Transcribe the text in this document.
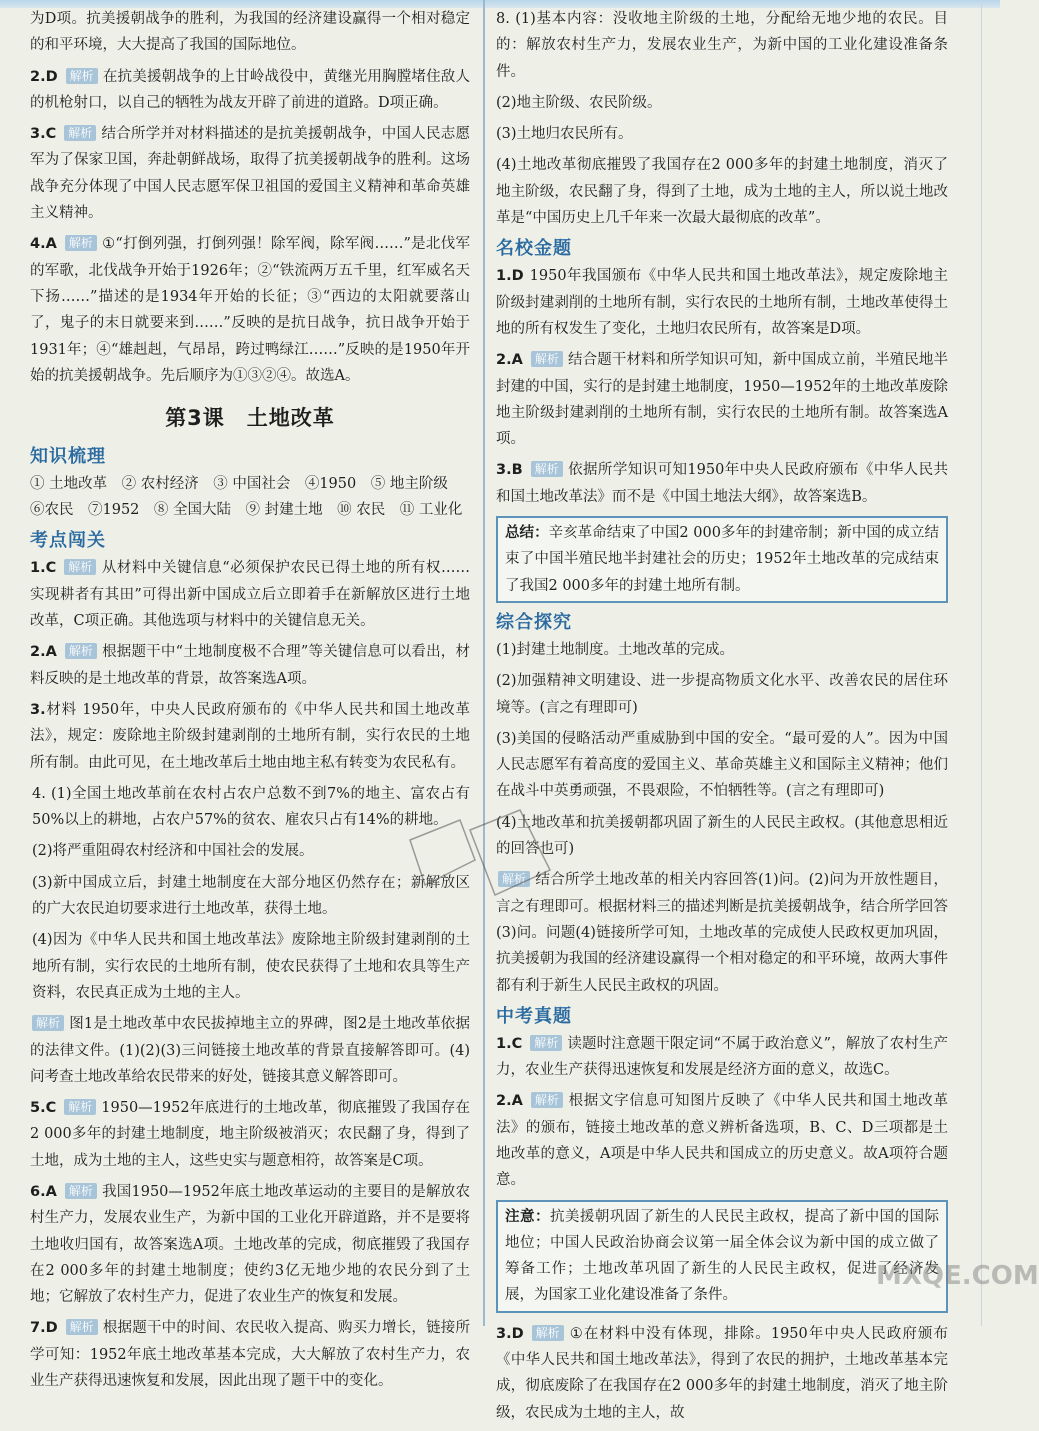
为D项。抗美援朝战争的胜利，为我国的经济建设赢得一个相对稳定的和平环境，大大提高了我国的国际地位。

2.D 解析 在抗美援朝战争的上甘岭战役中，黄继光用胸膛堵住敌人的机枪射口，以自己的牺牲为战友开辟了前进的道路。D项正确。

3.C 解析 结合所学并对材料描述的是抗美援朝战争，中国人民志愿军为了保家卫国，奔赴朝鲜战场，取得了抗美援朝战争的胜利。这场战争充分体现了中国人民志愿军保卫祖国的爱国主义精神和革命英雄主义精神。

4.A 解析 ①“打倒列强，打倒列强！除军阀，除军阀……”是北伐军的军歌，北伐战争开始于1926年；②“铁流两万五千里，红军威名天下扬……”描述的是1934年开始的长征；③“西边的太阳就要落山了，鬼子的末日就要来到……”反映的是抗日战争，抗日战争开始于1931年；④“雄赳赳，气昂昂，跨过鸭绿江……”反映的是1950年开始的抗美援朝战争。先后顺序为①③②④。故选A。

第3课　土地改革
知识梳理
① 土地改革　② 农村经济　③ 中国社会　④1950　⑤ 地主阶级
⑥农民　⑦1952　⑧ 全国大陆　⑨ 封建土地　⑩ 农民　⑪ 工业化
考点闯关

1.C 解析 从材料中关键信息“必须保护农民已得土地的所有权……实现耕者有其田”可得出新中国成立后立即着手在新解放区进行土地改革，C项正确。其他选项与材料中的关键信息无关。

2.A 解析 根据题干中“土地制度极不合理”等关键信息可以看出，材料反映的是土地改革的背景，故答案选A项。

3.材料 1950年，中央人民政府颁布的《中华人民共和国土地改革法》，规定：废除地主阶级封建剥削的土地所有制，实行农民的土地所有制。由此可见，在土地改革后土地由地主私有转变为农民私有。

4. (1)全国土地改革前在农村占农户总数不到7%的地主、富农占有50%以上的耕地，占农户57%的贫农、雇农只占有14%的耕地。

(2)将严重阻碍农村经济和中国社会的发展。

(3)新中国成立后，封建土地制度在大部分地区仍然存在；新解放区的广大农民迫切要求进行土地改革，获得土地。

(4)因为《中华人民共和国土地改革法》废除地主阶级封建剥削的土地所有制，实行农民的土地所有制，使农民获得了土地和农具等生产资料，农民真正成为土地的主人。

解析 图1是土地改革中农民拔掉地主立的界碑，图2是土地改革依据的法律文件。(1)(2)(3)三问链接土地改革的背景直接解答即可。(4)问考查土地改革给农民带来的好处，链接其意义解答即可。

5.C 解析 1950—1952年底进行的土地改革，彻底摧毁了我国存在2 000多年的封建土地制度，地主阶级被消灭；农民翻了身，得到了土地，成为土地的主人，这些史实与题意相符，故答案是C项。

6.A 解析 我国1950—1952年底土地改革运动的主要目的是解放农村生产力，发展农业生产，为新中国的工业化开辟道路，并不是要将土地收归国有，故答案选A项。土地改革的完成，彻底摧毁了我国存在2 000多年的封建土地制度；使约3亿无地少地的农民分到了土地；它解放了农村生产力，促进了农业生产的恢复和发展。

7.D 解析 根据题干中的时间、农民收入提高、购买力增长，链接所学可知：1952年底土地改革基本完成，大大解放了农村生产力，农业生产获得迅速恢复和发展，因此出现了题干中的变化。

8. (1)基本内容：没收地主阶级的土地，分配给无地少地的农民。目的：解放农村生产力，发展农业生产，为新中国的工业化建设准备条件。

(2)地主阶级、农民阶级。

(3)土地归农民所有。

(4)土地改革彻底摧毁了我国存在2 000多年的封建土地制度，消灭了地主阶级，农民翻了身，得到了土地，成为土地的主人，所以说土地改革是“中国历史上几千年来一次最大最彻底的改革”。

名校金题

1.D 1950年我国颁布《中华人民共和国土地改革法》，规定废除地主阶级封建剥削的土地所有制，实行农民的土地所有制，土地改革使得土地的所有权发生了变化，土地归农民所有，故答案是D项。

2.A 解析 结合题干材料和所学知识可知，新中国成立前，半殖民地半封建的中国，实行的是封建土地制度，1950—1952年的土地改革废除地主阶级封建剥削的土地所有制，实行农民的土地所有制。故答案选A项。

3.B 解析 依据所学知识可知1950年中央人民政府颁布《中华人民共和国土地改革法》而不是《中国土地法大纲》，故答案选B。

总结：辛亥革命结束了中国2 000多年的封建帝制；新中国的成立结束了中国半殖民地半封建社会的历史；1952年土地改革的完成结束了我国2 000多年的封建土地所有制。
综合探究

(1)封建土地制度。土地改革的完成。

(2)加强精神文明建设、进一步提高物质文化水平、改善农民的居住环境等。(言之有理即可)

(3)美国的侵略活动严重威胁到中国的安全。“最可爱的人”。因为中国人民志愿军有着高度的爱国主义、革命英雄主义和国际主义精神；他们在战斗中英勇顽强，不畏艰险，不怕牺牲等。(言之有理即可)

(4)土地改革和抗美援朝都巩固了新生的人民民主政权。(其他意思相近的回答也可)

解析 结合所学土地改革的相关内容回答(1)问。(2)问为开放性题目，言之有理即可。根据材料三的描述判断是抗美援朝战争，结合所学回答(3)问。问题(4)链接所学可知，土地改革的完成使人民政权更加巩固，抗美援朝为我国的经济建设赢得一个相对稳定的和平环境，故两大事件都有利于新生人民民主政权的巩固。

中考真题

1.C 解析 读题时注意题干限定词“不属于政治意义”，解放了农村生产力，农业生产获得迅速恢复和发展是经济方面的意义，故选C。

2.A 解析 根据文字信息可知图片反映了《中华人民共和国土地改革法》的颁布，链接土地改革的意义辨析备选项，B、C、D三项都是土地改革的意义，A项是中华人民共和国成立的历史意义。故A项符合题意。

注意：抗美援朝巩固了新生的人民民主政权，提高了新中国的国际地位；中国人民政治协商会议第一届全体会议为新中国的成立做了筹备工作；土地改革巩固了新生的人民民主政权，促进了经济发展，为国家工业化建设准备了条件。

3.D 解析 ①在材料中没有体现，排除。1950年中央人民政府颁布《中华人民共和国土地改革法》，得到了农民的拥护，土地改革基本完成，彻底废除了在我国存在2 000多年的封建土地制度，消灭了地主阶级，农民成为土地的主人，故

MXQE.COM
